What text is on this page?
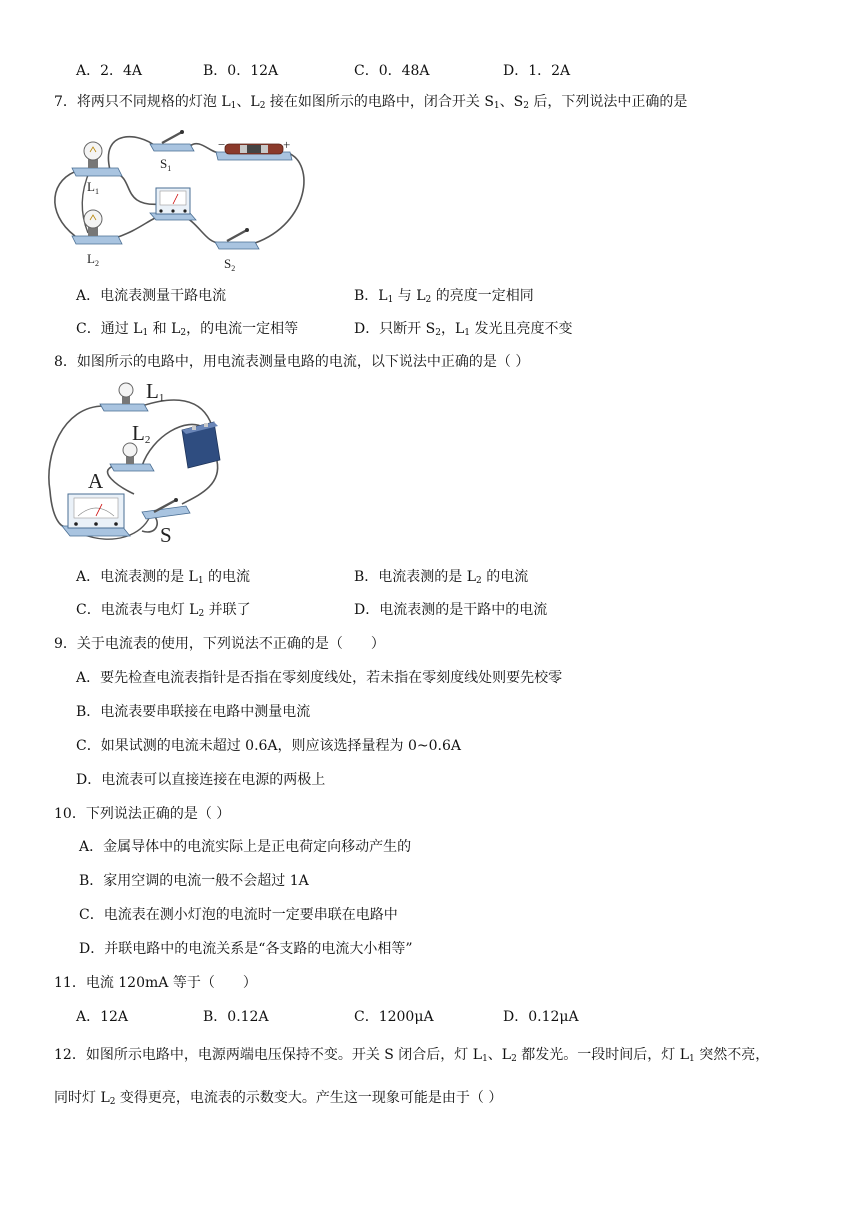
A．2．4A	B．0．12A	C．0．48A	D．1．2A
7．将两只不同规格的灯泡 $L_1$、$L_2$ 接在如图所示的电路中，闭合开关 $S_1$、$S_2$ 后，下列说法中正确的是
−	+
$S_1$
$L_1$
$L_2$	$S_2$
A．电流表测量干路电流	B．$L_1$ 与 $L_2$ 的亮度一定相同
C．通过 $L_1$ 和 $L_2$，的电流一定相等	D．只断开 $S_2$，$L_1$ 发光且亮度不变
8．如图所示的电路中，用电流表测量电路的电流，以下说法中正确的是（ ）
L1
L2
A
S
A．电流表测的是 $L_1$ 的电流	B．电流表测的是 $L_2$ 的电流
C．电流表与电灯 $L_2$ 并联了	D．电流表测的是干路中的电流
9．关于电流表的使用，下列说法不正确的是（　　）
A．要先检查电流表指针是否指在零刻度线处，若未指在零刻度线处则要先校零
B．电流表要串联接在电路中测量电流
C．如果试测的电流未超过 0.6A，则应该选择量程为 0~0.6A
D．电流表可以直接连接在电源的两极上
10．下列说法正确的是（ ）
A．金属导体中的电流实际上是正电荷定向移动产生的
B．家用空调的电流一般不会超过 1A
C．电流表在测小灯泡的电流时一定要串联在电路中
D．并联电路中的电流关系是“各支路的电流大小相等”
11．电流 120mA 等于（　　）
A．12A	B．0.12A	C．1200μA	D．0.12μA
12．如图所示电路中，电源两端电压保持不变。开关 S 闭合后，灯 $L_1$、$L_2$ 都发光。一段时间后，灯 $L_1$ 突然不亮，
同时灯 $L_2$ 变得更亮，电流表的示数变大。产生这一现象可能是由于（ ）
